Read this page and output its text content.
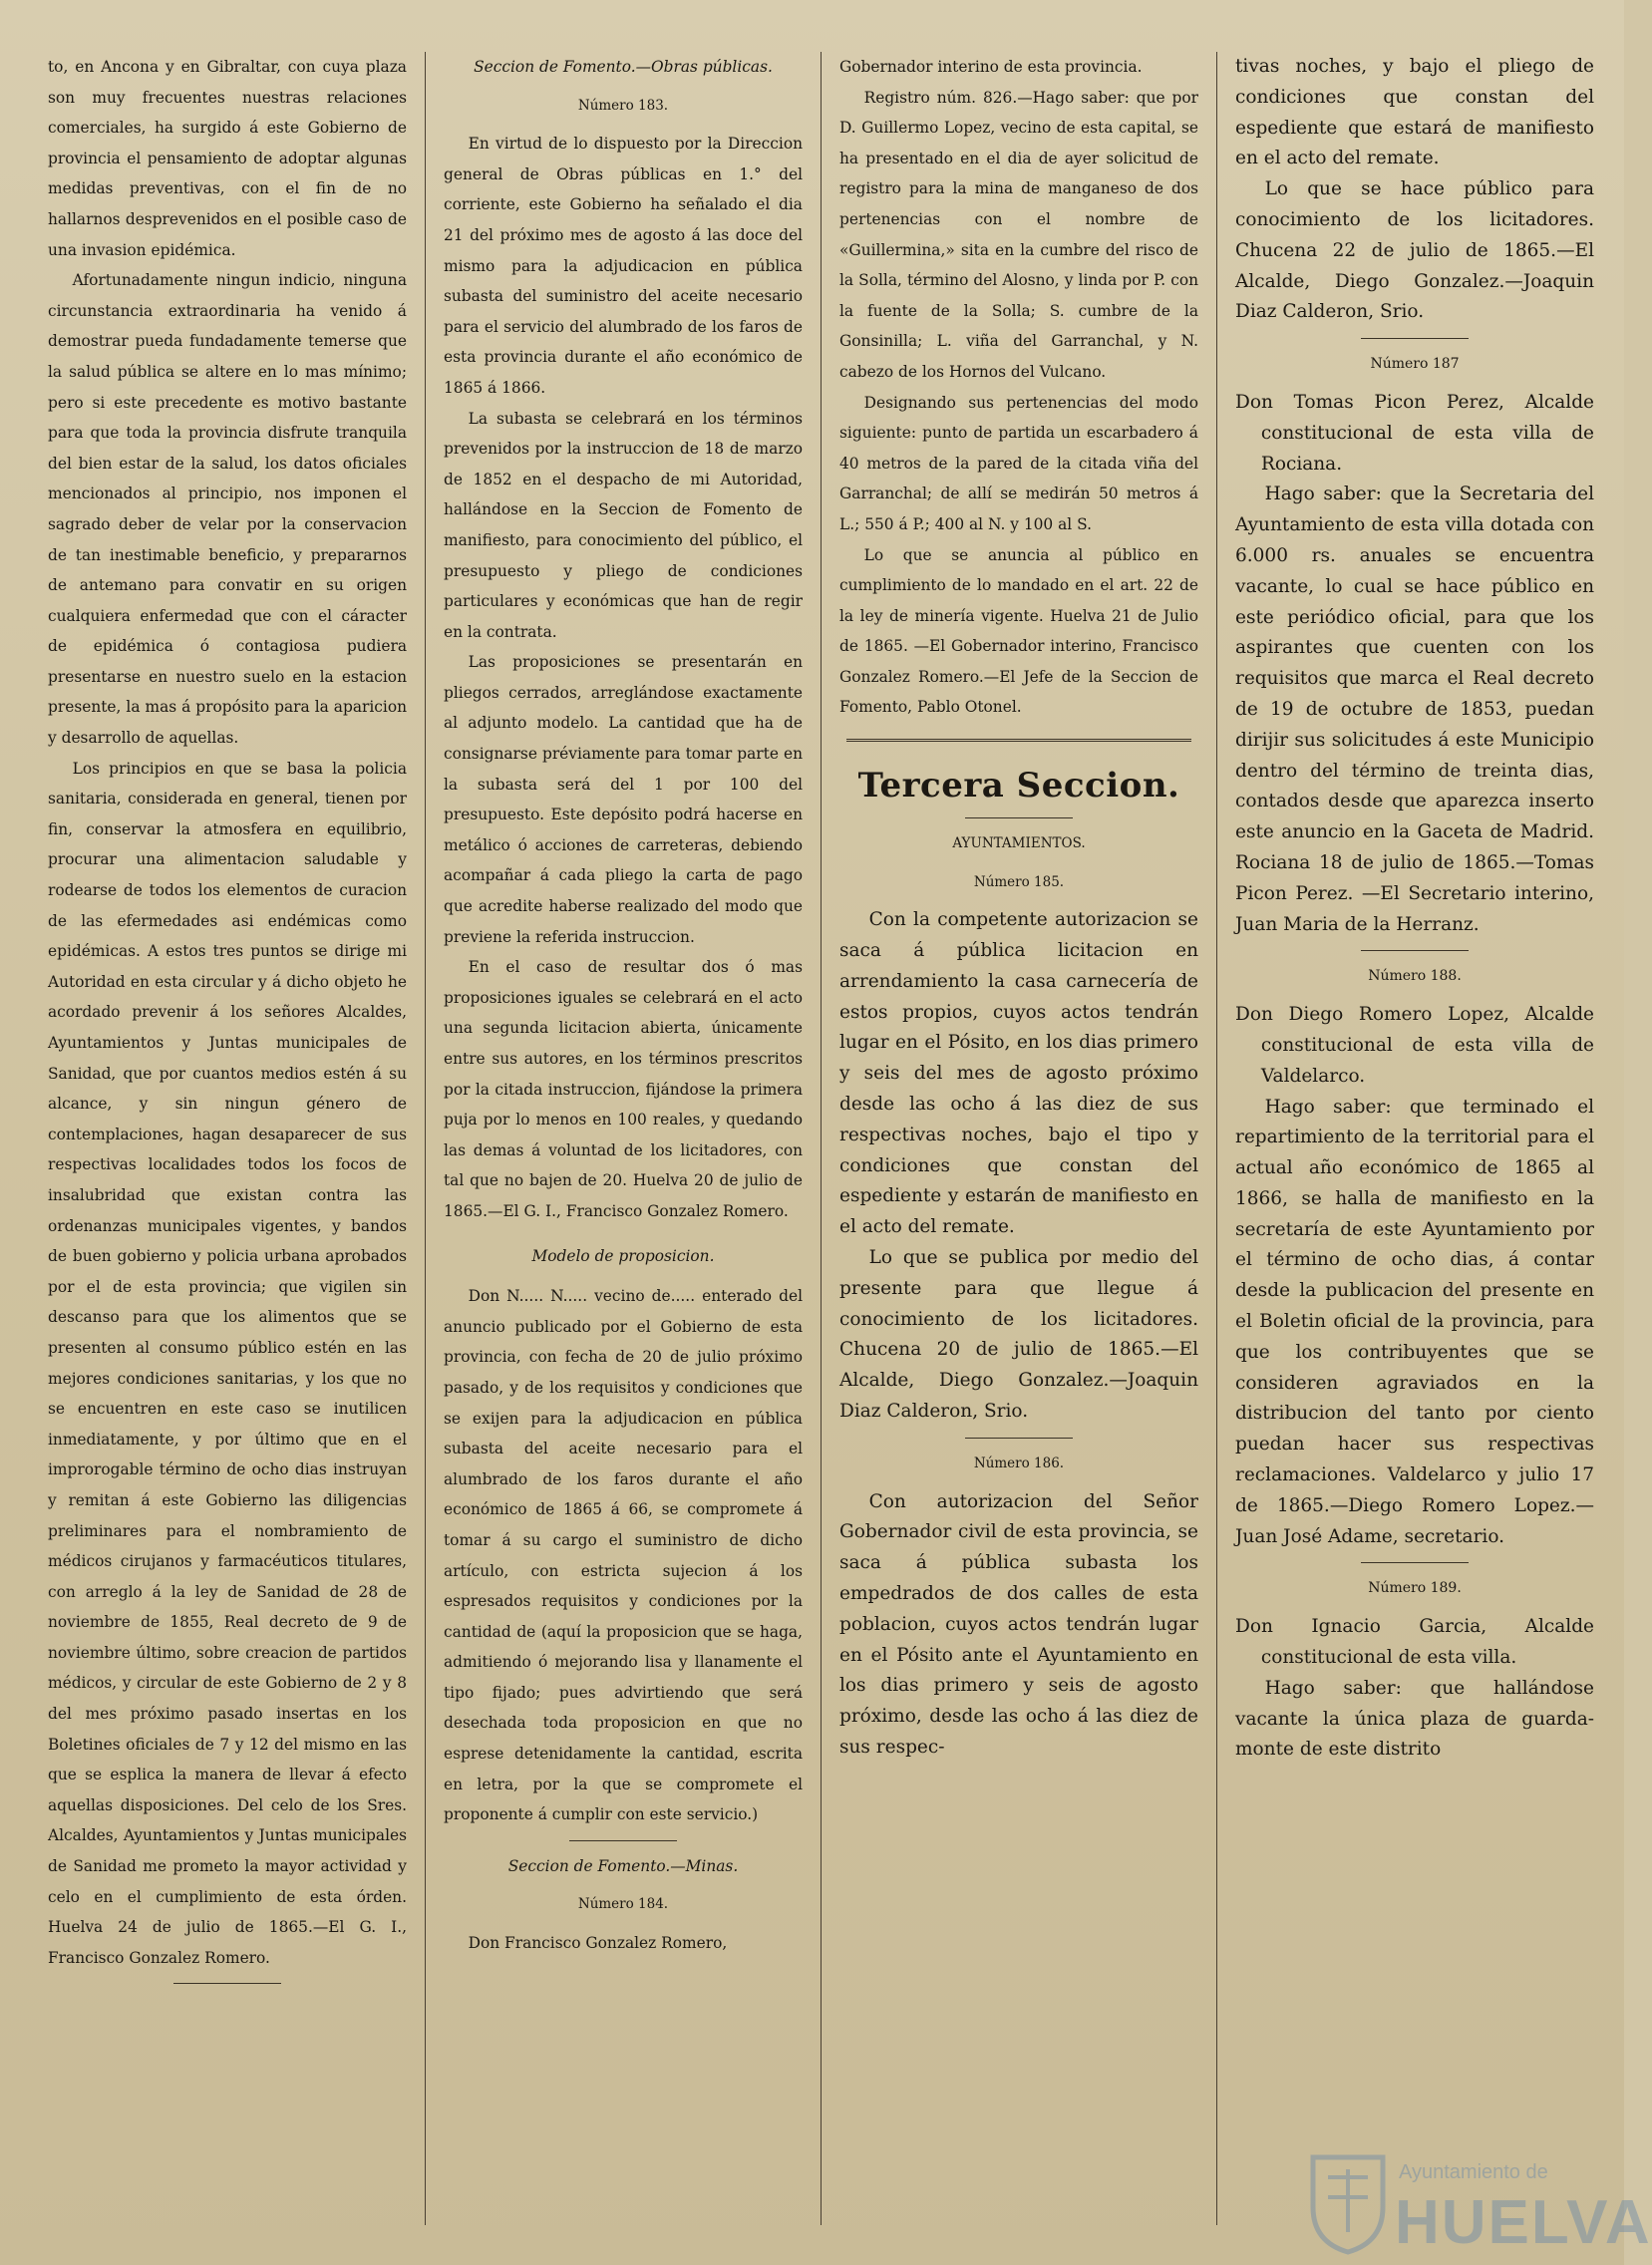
to, en Ancona y en Gibraltar, con cuya plaza son muy frecuentes nuestras relaciones comerciales, ha surgido á este Gobierno de provincia el pensamiento de adoptar algunas medidas preventivas, con el fin de no hallarnos desprevenidos en el posible caso de una invasion epidémica.

Afortunadamente ningun indicio, ninguna circunstancia extraordinaria ha venido á demostrar pueda fundadamente temerse que la salud pública se altere en lo mas mínimo; pero si este precedente es motivo bastante para que toda la provincia disfrute tranquila del bien estar de la salud, los datos oficiales mencionados al principio, nos imponen el sagrado deber de velar por la conservacion de tan inestimable beneficio, y prepararnos de antemano para convatir en su origen cualquiera enfermedad que con el cáracter de epidémica ó contagiosa pudiera presentarse en nuestro suelo en la estacion presente, la mas á propósito para la aparicion y desarrollo de aquellas.

Los principios en que se basa la policia sanitaria, considerada en general, tienen por fin, conservar la atmosfera en equilibrio, procurar una alimentacion saludable y rodearse de todos los elementos de curacion de las efermedades asi endémicas como epidémicas. A estos tres puntos se dirige mi Autoridad en esta circular y á dicho objeto he acordado prevenir á los señores Alcaldes, Ayuntamientos y Juntas municipales de Sanidad, que por cuantos medios estén á su alcance, y sin ningun género de contemplaciones, hagan desaparecer de sus respectivas localidades todos los focos de insalubridad que existan contra las ordenanzas municipales vigentes, y bandos de buen gobierno y policia urbana aprobados por el de esta provincia; que vigilen sin descanso para que los alimentos que se presenten al consumo público estén en las mejores condiciones sanitarias, y los que no se encuentren en este caso se inutilicen inmediatamente, y por último que en el improrogable término de ocho dias instruyan y remitan á este Gobierno las diligencias preliminares para el nombramiento de médicos cirujanos y farmacéuticos titulares, con arreglo á la ley de Sanidad de 28 de noviembre de 1855, Real decreto de 9 de noviembre último, sobre creacion de partidos médicos, y circular de este Gobierno de 2 y 8 del mes próximo pasado insertas en los Boletines oficiales de 7 y 12 del mismo en las que se esplica la manera de llevar á efecto aquellas disposiciones. Del celo de los Sres. Alcaldes, Ayuntamientos y Juntas municipales de Sanidad me prometo la mayor actividad y celo en el cumplimiento de esta órden. Huelva 24 de julio de 1865.—El G. I., Francisco Gonzalez Romero.

Seccion de Fomento.—Obras públicas.

Número 183.

En virtud de lo dispuesto por la Direccion general de Obras públicas en 1.° del corriente, este Gobierno ha señalado el dia 21 del próximo mes de agosto á las doce del mismo para la adjudicacion en pública subasta del suministro del aceite necesario para el servicio del alumbrado de los faros de esta provincia durante el año económico de 1865 á 1866.

La subasta se celebrará en los términos prevenidos por la instruccion de 18 de marzo de 1852 en el despacho de mi Autoridad, hallándose en la Seccion de Fomento de manifiesto, para conocimiento del público, el presupuesto y pliego de condiciones particulares y económicas que han de regir en la contrata.

Las proposiciones se presentarán en pliegos cerrados, arreglándose exactamente al adjunto modelo. La cantidad que ha de consignarse préviamente para tomar parte en la subasta será del 1 por 100 del presupuesto. Este depósito podrá hacerse en metálico ó acciones de carreteras, debiendo acompañar á cada pliego la carta de pago que acredite haberse realizado del modo que previene la referida instruccion.

En el caso de resultar dos ó mas proposiciones iguales se celebrará en el acto una segunda licitacion abierta, únicamente entre sus autores, en los términos prescritos por la citada instruccion, fijándose la primera puja por lo menos en 100 reales, y quedando las demas á voluntad de los licitadores, con tal que no bajen de 20. Huelva 20 de julio de 1865.—El G. I., Francisco Gonzalez Romero.

Modelo de proposicion.

Don N..... N..... vecino de..... enterado del anuncio publicado por el Gobierno de esta provincia, con fecha de 20 de julio próximo pasado, y de los requisitos y condiciones que se exijen para la adjudicacion en pública subasta del aceite necesario para el alumbrado de los faros durante el año económico de 1865 á 66, se compromete á tomar á su cargo el suministro de dicho artículo, con estricta sujecion á los espresados requisitos y condiciones por la cantidad de (aquí la proposicion que se haga, admitiendo ó mejorando lisa y llanamente el tipo fijado; pues advirtiendo que será desechada toda proposicion en que no esprese detenidamente la cantidad, escrita en letra, por la que se compromete el proponente á cumplir con este servicio.)

Seccion de Fomento.—Minas.

Número 184.

Don Francisco Gonzalez Romero,

Gobernador interino de esta provincia.

Registro núm. 826.—Hago saber: que por D. Guillermo Lopez, vecino de esta capital, se ha presentado en el dia de ayer solicitud de registro para la mina de manganeso de dos pertenencias con el nombre de «Guillermina,» sita en la cumbre del risco de la Solla, término del Alosno, y linda por P. con la fuente de la Solla; S. cumbre de la Gonsinilla; L. viña del Garranchal, y N. cabezo de los Hornos del Vulcano.

Designando sus pertenencias del modo siguiente: punto de partida un escarbadero á 40 metros de la pared de la citada viña del Garranchal; de allí se medirán 50 metros á L.; 550 á P.; 400 al N. y 100 al S.

Lo que se anuncia al público en cumplimiento de lo mandado en el art. 22 de la ley de minería vigente. Huelva 21 de Julio de 1865. —El Gobernador interino, Francisco Gonzalez Romero.—El Jefe de la Seccion de Fomento, Pablo Otonel.

Tercera Seccion.

AYUNTAMIENTOS.

Número 185.

Con la competente autorizacion se saca á pública licitacion en arrendamiento la casa carnecería de estos propios, cuyos actos tendrán lugar en el Pósito, en los dias primero y seis del mes de agosto próximo desde las ocho á las diez de sus respectivas noches, bajo el tipo y condiciones que constan del espediente y estarán de manifiesto en el acto del remate.

Lo que se publica por medio del presente para que llegue á conocimiento de los licitadores. Chucena 20 de julio de 1865.—El Alcalde, Diego Gonzalez.—Joaquin Diaz Calderon, Srio.

Número 186.

Con autorizacion del Señor Gobernador civil de esta provincia, se saca á pública subasta los empedrados de dos calles de esta poblacion, cuyos actos tendrán lugar en el Pósito ante el Ayuntamiento en los dias primero y seis de agosto próximo, desde las ocho á las diez de sus respec-

tivas noches, y bajo el pliego de condiciones que constan del espediente que estará de manifiesto en el acto del remate.

Lo que se hace público para conocimiento de los licitadores. Chucena 22 de julio de 1865.—El Alcalde, Diego Gonzalez.—Joaquin Diaz Calderon, Srio.

Número 187

Don Tomas Picon Perez, Alcalde constitucional de esta villa de Rociana.

Hago saber: que la Secretaria del Ayuntamiento de esta villa dotada con 6.000 rs. anuales se encuentra vacante, lo cual se hace público en este periódico oficial, para que los aspirantes que cuenten con los requisitos que marca el Real decreto de 19 de octubre de 1853, puedan dirijir sus solicitudes á este Municipio dentro del término de treinta dias, contados desde que aparezca inserto este anuncio en la Gaceta de Madrid. Rociana 18 de julio de 1865.—Tomas Picon Perez. —El Secretario interino, Juan Maria de la Herranz.

Número 188.

Don Diego Romero Lopez, Alcalde constitucional de esta villa de Valdelarco.

Hago saber: que terminado el repartimiento de la territorial para el actual año económico de 1865 al 1866, se halla de manifiesto en la secretaría de este Ayuntamiento por el término de ocho dias, á contar desde la publicacion del presente en el Boletin oficial de la provincia, para que los contribuyentes que se consideren agraviados en la distribucion del tanto por ciento puedan hacer sus respectivas reclamaciones. Valdelarco y julio 17 de 1865.—Diego Romero Lopez.—Juan José Adame, secretario.

Número 189.

Don Ignacio Garcia, Alcalde constitucional de esta villa.

Hago saber: que hallándose vacante la única plaza de guarda-monte de este distrito

Ayuntamiento de
HUELVA
